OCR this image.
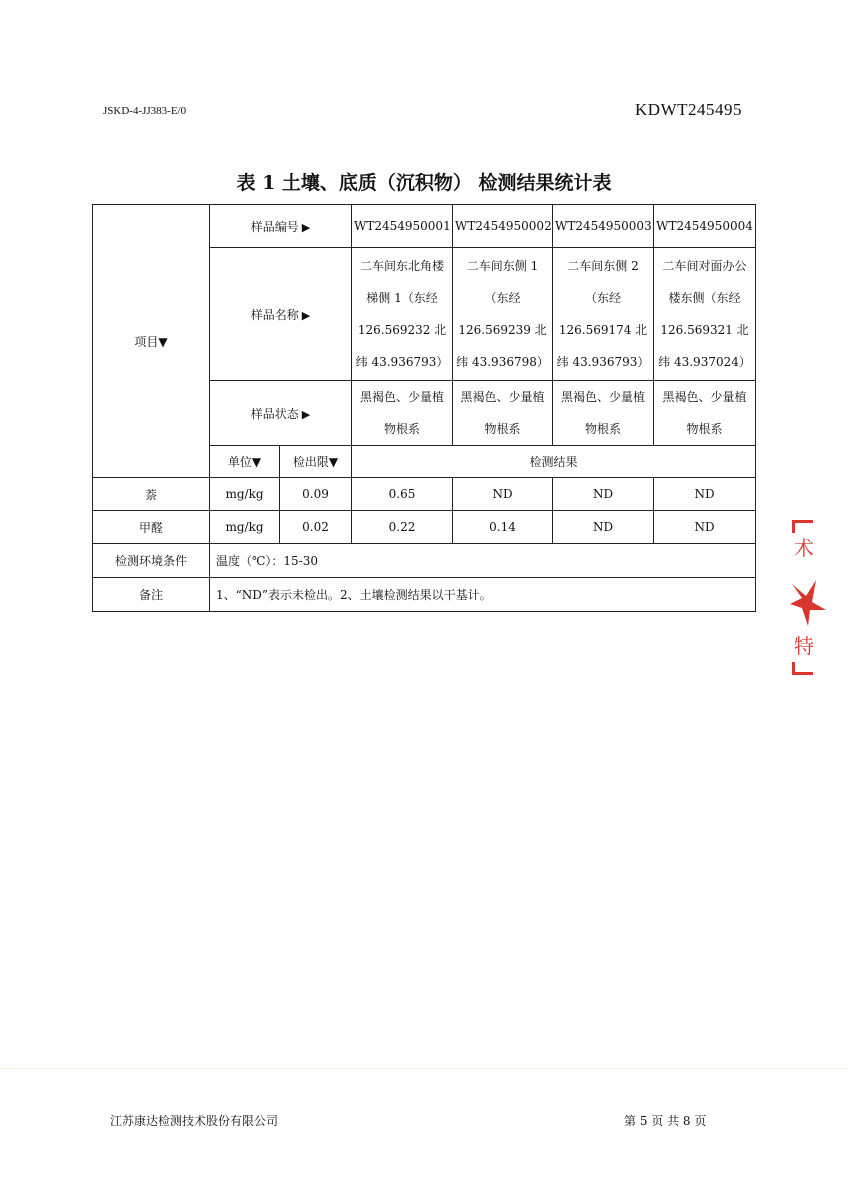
JSKD-4-JJ383-E/0	KDWT245495
表 1 土壤、底质（沉积物） 检测结果统计表
项目▼	样品编号 ▶		WT2454950001	WT2454950002	WT2454950003	WT2454950004
	样品名称 ▶		二车间东北角楼
梯侧 1（东经
126.569232 北
纬 43.936793）	二车间东侧 1
（东经
126.569239 北
纬 43.936798）	二车间东侧 2
（东经
126.569174 北
纬 43.936793）	二车间对面办公
楼东侧（东经
126.569321 北
纬 43.937024）

	样品状态 ▶		黑褐色、少量植
物根系	黑褐色、少量植
物根系	黑褐色、少量植
物根系	黑褐色、少量植
物根系

	单位▼	检出限▼	检测结果			
萘	mg/kg	0.09	0.65	ND	ND	ND
甲醛	mg/kg	0.02	0.22	0.14	ND	ND
检测环境条件	温度（℃）：15-30					
备注	1、“ND”表示未检出。2、土壤检测结果以干基计。					
术
特
江苏康达检测技术股份有限公司	第 5 页 共 8 页
